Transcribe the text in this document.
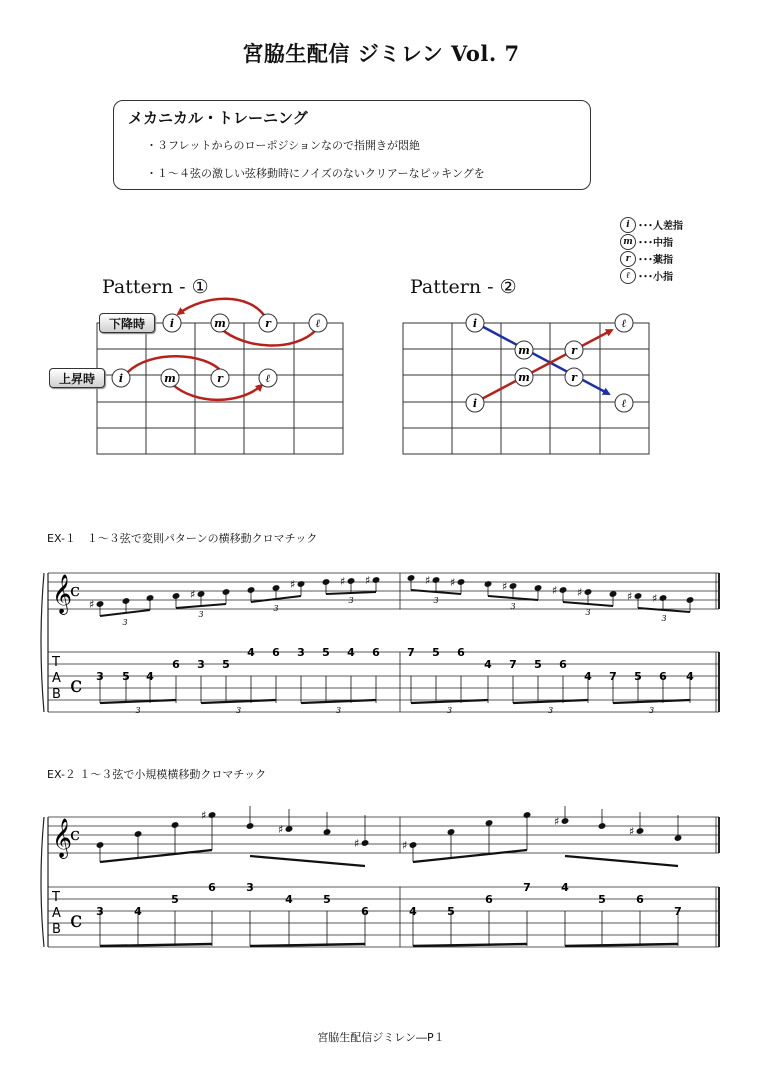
宮脇生配信 ジミレン Vol. 7
メカニカル・トレーニング
・３フレットからのローポジションなので指開きが悶絶
・１〜４弦の激しい弦移動時にノイズのないクリアーなピッキングを
i ･･･人差指
m ･･･中指
r ･･･薬指
ℓ ･･･小指
Pattern - ①	Pattern - ②
i	m	r	ℓ
i	m	r	ℓ
i
m	r
ℓ
i
m	r
ℓ
𝄞
c
c
T
A
B
♯
3 5 4
6
♯
3 5
4 6
♯
3 5
♯
4
♯
6 7
♯
5
♯
6
4
♯
7 5
♯
6
♯
4 7
♯
5
♯
6 4
3
3
3
3	3
3
3
3
3	3	3	3	3	3
𝄞
c
c
T
A
B
3	4
5
♯
6	3
♯
4	5
♯
6
♯
4	5
6
7
♯
4
5
♯
6
7
下降時
上昇時
EX-１　１〜３弦で変則パターンの横移動クロマチック
EX-２ １〜３弦で小規模横移動クロマチック
宮脇生配信ジミレン―P１
